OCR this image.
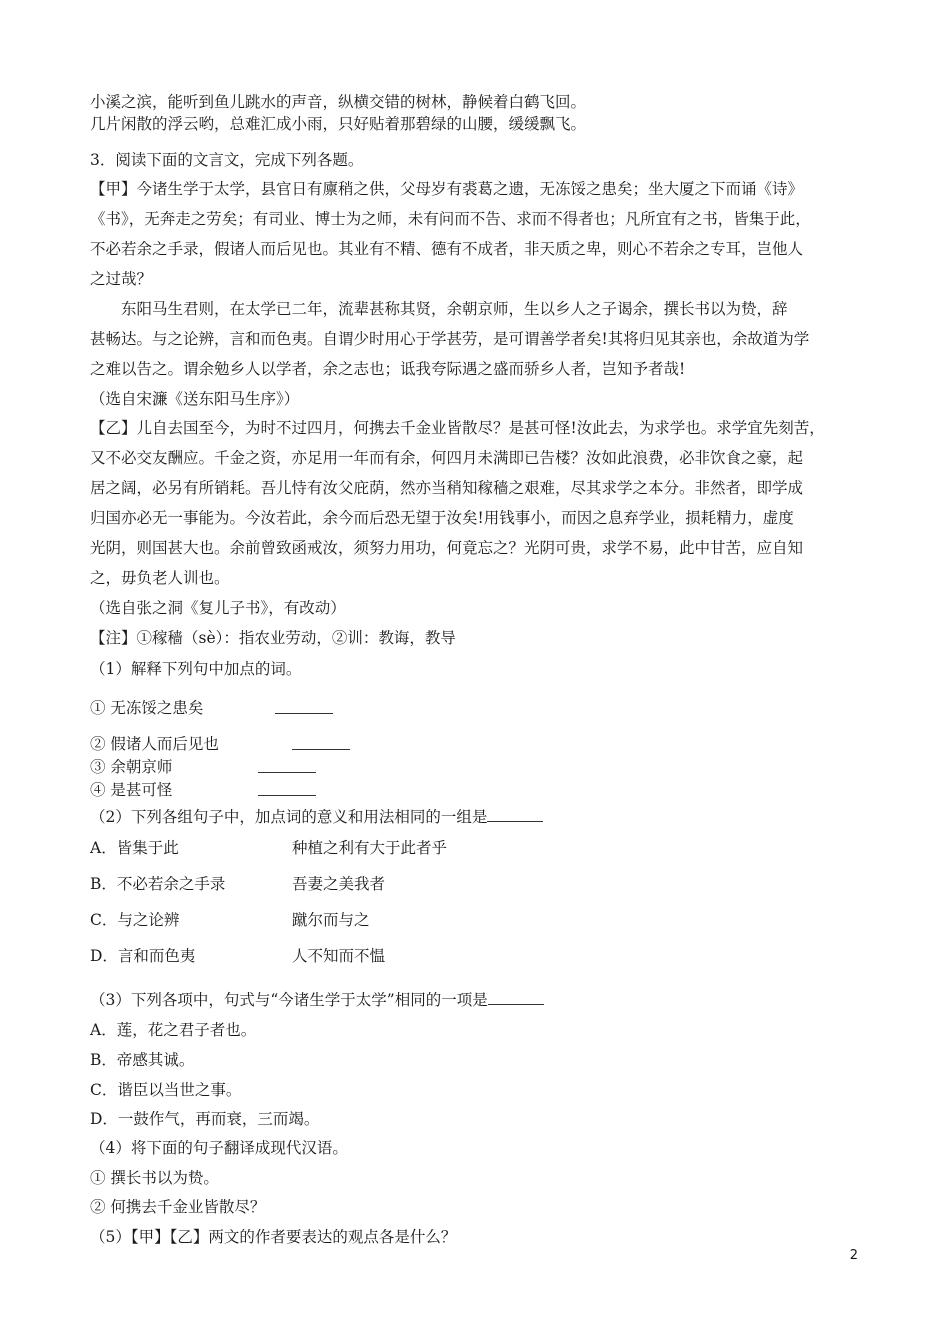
小溪之滨，能听到鱼儿跳水的声音，纵横交错的树林，静候着白鹤飞回。
几片闲散的浮云哟，总难汇成小雨，只好贴着那碧绿的山腰，缓缓飘飞。
3．阅读下面的文言文，完成下列各题。
【甲】今诸生学于太学，县官日有廪稍之供，父母岁有裘葛之遗，无冻馁之患矣；坐大厦之下而诵《诗》
《书》，无奔走之劳矣；有司业、博士为之师，未有问而不告、求而不得者也；凡所宜有之书，皆集于此，
不必若余之手录，假诸人而后见也。其业有不精、德有不成者，非天质之卑，则心不若余之专耳，岂他人
之过哉？
　　东阳马生君则，在太学已二年，流辈甚称其贤，余朝京师，生以乡人之子谒余，撰长书以为贽，辞
甚畅达。与之论辨，言和而色夷。自谓少时用心于学甚劳，是可谓善学者矣!其将归见其亲也，余故道为学
之难以告之。谓余勉乡人以学者，余之志也；诋我夸际遇之盛而骄乡人者，岂知予者哉!
（选自宋濂《送东阳马生序》）
【乙】儿自去国至今，为时不过四月，何携去千金业皆散尽？是甚可怪!汝此去，为求学也。求学宜先刻苦，
又不必交友酬应。千金之资，亦足用一年而有余，何四月未满即已告楼？汝如此浪费，必非饮食之豪，起
居之阔，必另有所销耗。吾儿恃有汝父庇荫，然亦当稍知稼穑之艰难，尽其求学之本分。非然者，即学成
归国亦必无一事能为。今汝若此，余今而后恐无望于汝矣!用钱事小，而因之息弃学业，损耗精力，虚度
光阴，则国甚大也。余前曾致函戒汝，须努力用功，何竟忘之？光阴可贵，求学不易，此中甘苦，应自知
之，毋负老人训也。
（选自张之洞《复儿子书》，有改动）
【注】①稼穑（sè）：指农业劳动，②训：教诲，教导
（1）解释下列句中加点的词。
① 无冻馁之患矣
② 假诸人而后见也
③ 余朝京师
④ 是甚可怪
（2）下列各组句子中，加点词的意义和用法相同的一组是
A．皆集于此	种植之利有大于此者乎
B．不必若余之手录	吾妻之美我者
C．与之论辨	蹴尔而与之
D．言和而色夷	人不知而不愠
（3）下列各项中，句式与“今诸生学于太学”相同的一项是
A．莲，花之君子者也。
B．帝感其诚。
C．谐臣以当世之事。
D．一鼓作气，再而衰，三而竭。
（4）将下面的句子翻译成现代汉语。
① 撰长书以为贽。
② 何携去千金业皆散尽？
（5）【甲】【乙】两文的作者要表达的观点各是什么？
2
